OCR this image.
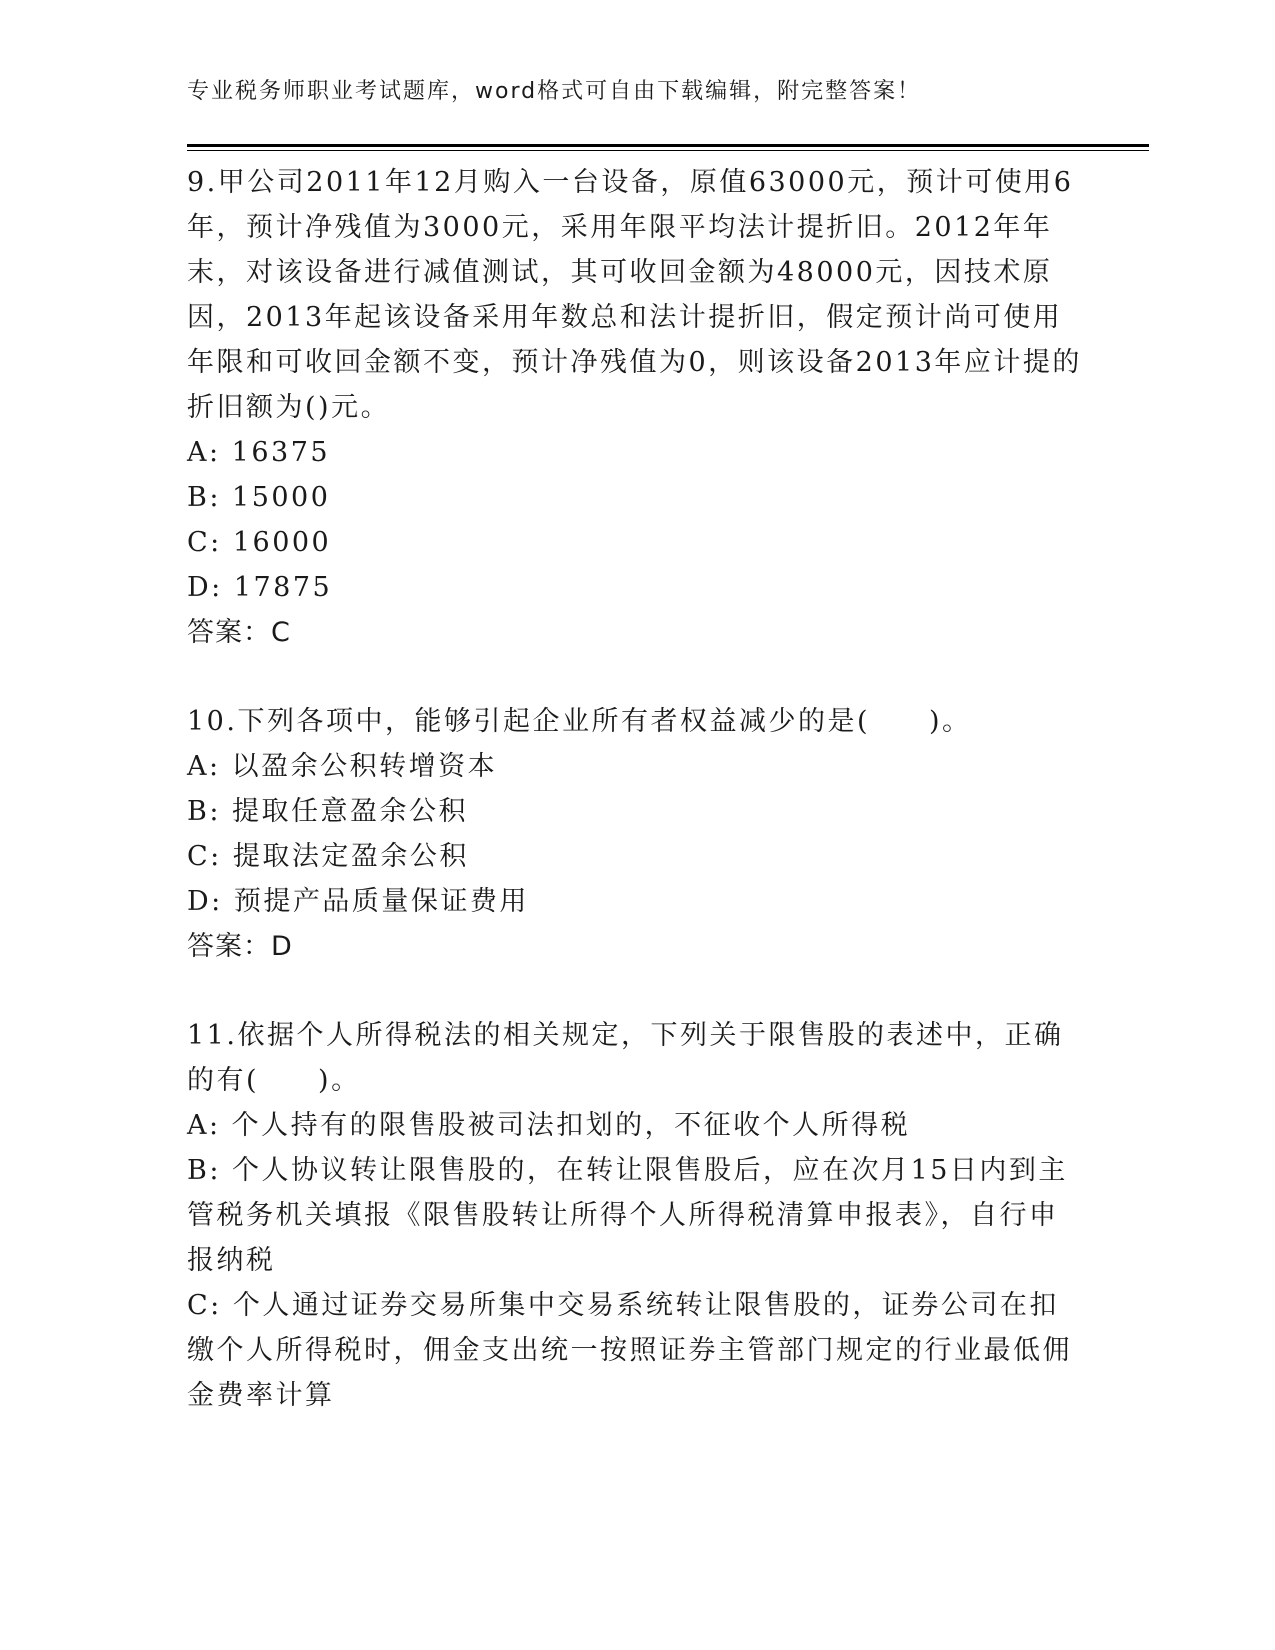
专业税务师职业考试题库，word格式可自由下载编辑，附完整答案！

9.甲公司2011年12月购入一台设备，原值63000元，预计可使用6年，预计净残值为3000元，采用年限平均法计提折旧。2012年年末，对该设备进行减值测试，其可收回金额为48000元，因技术原因，2013年起该设备采用年数总和法计提折旧，假定预计尚可使用年限和可收回金额不变，预计净残值为0，则该设备2013年应计提的折旧额为()元。

A: 16375

B: 15000

C: 16000

D: 17875

答案：C

10.下列各项中，能够引起企业所有者权益减少的是(　　)。

A: 以盈余公积转增资本

B: 提取任意盈余公积

C: 提取法定盈余公积

D: 预提产品质量保证费用

答案：D

11.依据个人所得税法的相关规定，下列关于限售股的表述中，正确的有(　　)。

A: 个人持有的限售股被司法扣划的，不征收个人所得税

B: 个人协议转让限售股的，在转让限售股后，应在次月15日内到主管税务机关填报《限售股转让所得个人所得税清算申报表》，自行申报纳税

C: 个人通过证券交易所集中交易系统转让限售股的，证券公司在扣缴个人所得税时，佣金支出统一按照证券主管部门规定的行业最低佣金费率计算
